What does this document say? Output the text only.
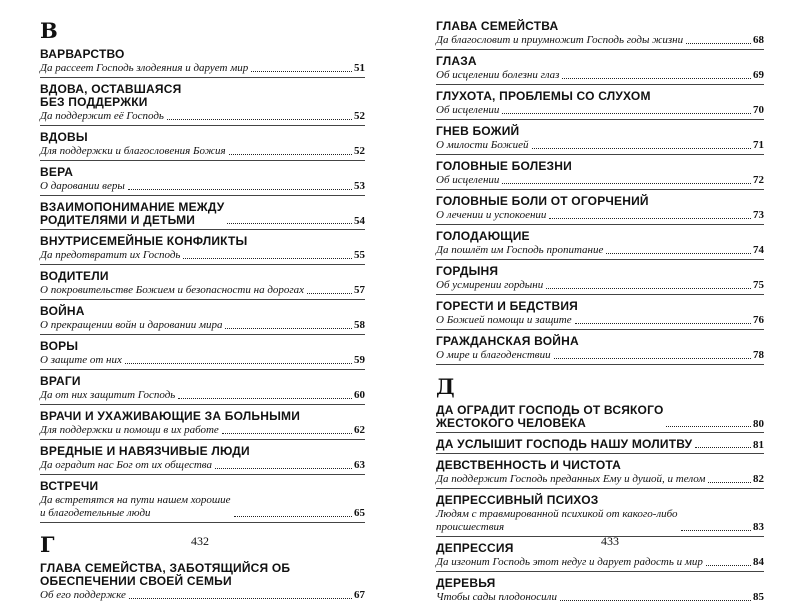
В
ВАРВАРСТВО
Да рассеет Господь злодеяния и дарует мир	51
ВДОВА, ОСТАВШАЯСЯ
БЕЗ ПОДДЕРЖКИ
Да поддержит её Господь	52
ВДОВЫ
Для поддержки и благословения Божия	52
ВЕРА
О даровании веры	53
ВЗАИМОПОНИМАНИЕ МЕЖДУ
РОДИТЕЛЯМИ И ДЕТЬМИ	54
ВНУТРИСЕМЕЙНЫЕ КОНФЛИКТЫ
Да предотвратит их Господь	55
ВОДИТЕЛИ
О покровительстве Божием и безопасности на дорогах	57
ВОЙНА
О прекращении войн и даровании мира	58
ВОРЫ
О защите от них	59
ВРАГИ
Да от них защитит Господь	60
ВРАЧИ И УХАЖИВАЮЩИЕ ЗА БОЛЬНЫМИ
Для поддержки и помощи в их работе	62
ВРЕДНЫЕ И НАВЯЗЧИВЫЕ ЛЮДИ
Да оградит нас Бог от их общества	63
ВСТРЕЧИ
Да встретятся на пути нашем хорошие
и благодетельные люди	65
Г
ГЛАВА СЕМЕЙСТВА, ЗАБОТЯЩИЙСЯ ОБ
ОБЕСПЕЧЕНИИ СВОЕЙ СЕМЬИ
Об его поддержке	67
432
ГЛАВА СЕМЕЙСТВА
Да благословит и приумножит Господь годы жизни	68
ГЛАЗА
Об исцелении болезни глаз	69
ГЛУХОТА, ПРОБЛЕМЫ СО СЛУХОМ
Об исцелении	70
ГНЕВ БОЖИЙ
О милости Божией	71
ГОЛОВНЫЕ БОЛЕЗНИ
Об исцелении	72
ГОЛОВНЫЕ БОЛИ ОТ ОГОРЧЕНИЙ
О лечении и успокоении	73
ГОЛОДАЮЩИЕ
Да пошлёт им Господь пропитание	74
ГОРДЫНЯ
Об усмирении гордыни	75
ГОРЕСТИ И БЕДСТВИЯ
О Божией помощи и защите	76
ГРАЖДАНСКАЯ ВОЙНА
О мире и благоденствии	78
Д
ДА ОГРАДИТ ГОСПОДЬ ОТ ВСЯКОГО
ЖЕСТОКОГО ЧЕЛОВЕКА	80
ДА УСЛЫШИТ ГОСПОДЬ НАШУ МОЛИТВУ	81
ДЕВСТВЕННОСТЬ И ЧИСТОТА
Да поддержит Господь преданных Ему и душой, и телом	82
ДЕПРЕССИВНЫЙ ПСИХОЗ
Людям с травмированной психикой от какого-либо
происшествия	83
ДЕПРЕССИЯ
Да изгонит Господь этот недуг и дарует радость и мир	84
ДЕРЕВЬЯ
Чтобы сады плодоносили	85
433
